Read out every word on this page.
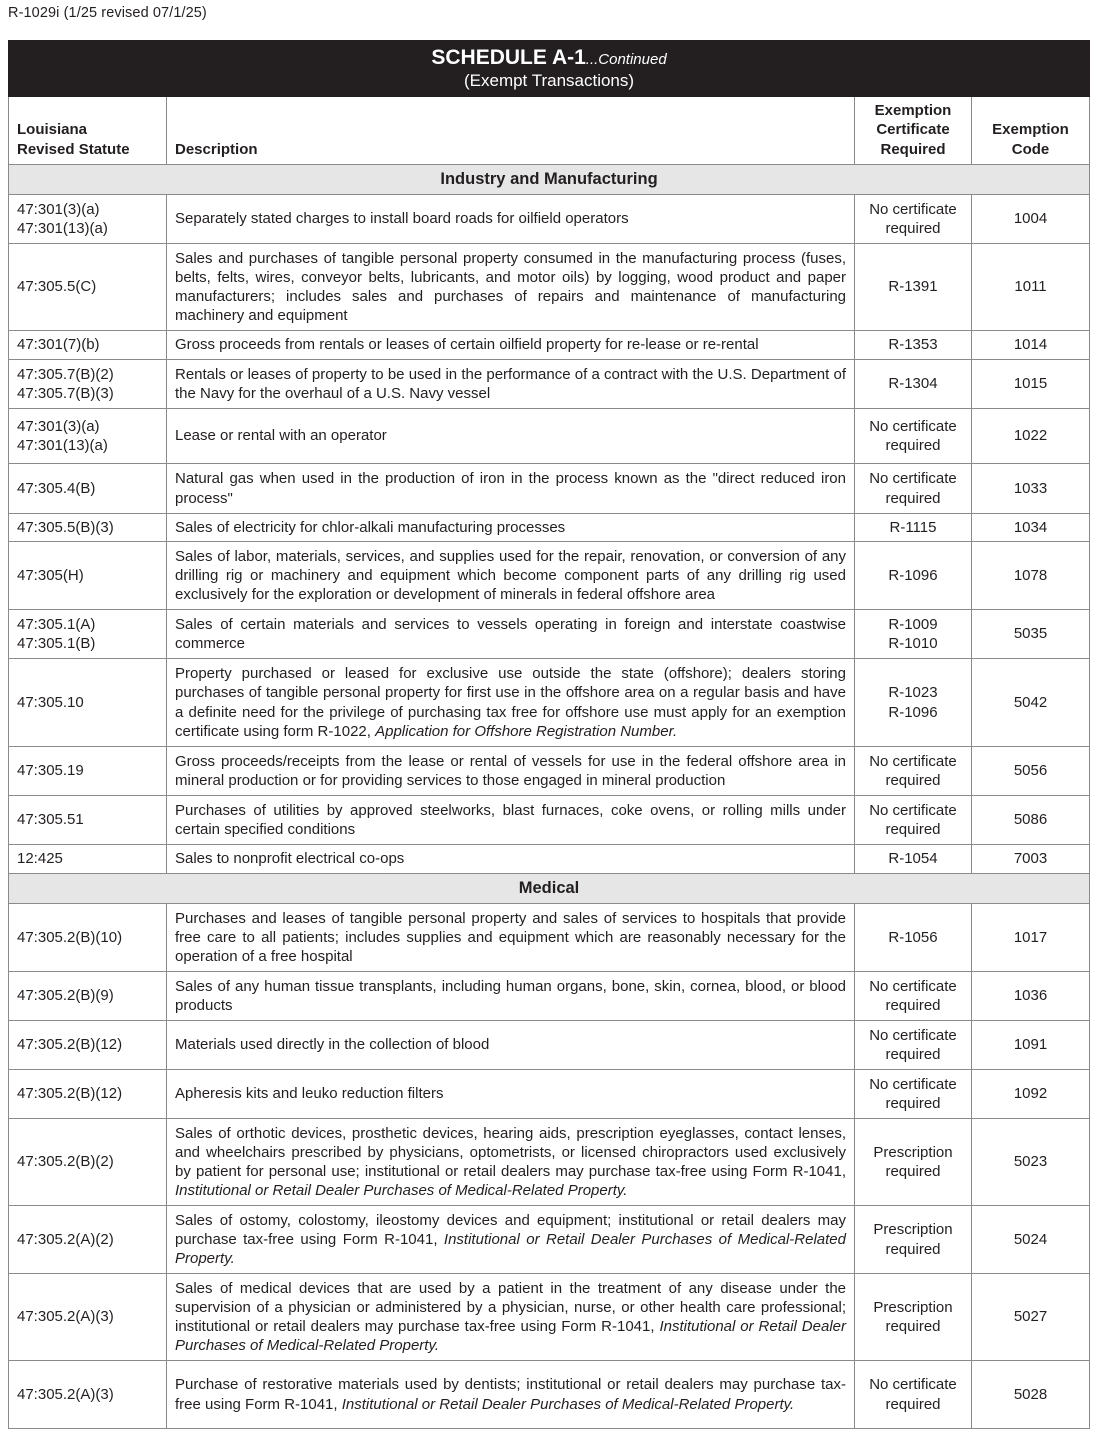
R-1029i (1/25 revised 07/1/25)
SCHEDULE A-1...Continued
(Exempt Transactions)			

Louisiana
Revised Statute	Description	Exemption
Certificate
Required	Exemption
Code

Industry and Manufacturing			

47:301(3)(a)
47:301(13)(a)	Separately stated charges to install board roads for oilfield operators	No certificate
required	1004

47:305.5(C)	Sales and purchases of tangible personal property consumed in the manufacturing process (fuses, belts, felts, wires, conveyor belts, lubricants, and motor oils) by logging, wood product and paper manufacturers; includes sales and purchases of repairs and maintenance of manufacturing machinery and equipment	R-1391	1011

47:301(7)(b)	Gross proceeds from rentals or leases of certain oilfield property for re-lease or re-rental	R-1353	1014

47:305.7(B)(2)
47:305.7(B)(3)	Rentals or leases of property to be used in the performance of a contract with the U.S. Department of the Navy for the overhaul of a U.S. Navy vessel	R-1304	1015

47:301(3)(a)
47:301(13)(a)	Lease or rental with an operator	No certificate
required	1022

47:305.4(B)	Natural gas when used in the production of iron in the process known as the "direct reduced iron process"	No certificate
required	1033

47:305.5(B)(3)	Sales of electricity for chlor-alkali manufacturing processes	R-1115	1034

47:305(H)	Sales of labor, materials, services, and supplies used for the repair, renovation, or conversion of any drilling rig or machinery and equipment which become component parts of any drilling rig used exclusively for the exploration or development of minerals in federal offshore area	R-1096	1078

47:305.1(A)
47:305.1(B)	Sales of certain materials and services to vessels operating in foreign and interstate coastwise commerce	R-1009
R-1010	5035

47:305.10	Property purchased or leased for exclusive use outside the state (offshore); dealers storing purchases of tangible personal property for first use in the offshore area on a regular basis and have a definite need for the privilege of purchasing tax free for offshore use must apply for an exemption certificate using form R-1022, Application for Offshore Registration Number.	R-1023
R-1096	5042

47:305.19	Gross proceeds/receipts from the lease or rental of vessels for use in the federal offshore area in mineral production or for providing services to those engaged in mineral production	No certificate
required	5056

47:305.51	Purchases of utilities by approved steelworks, blast furnaces, coke ovens, or rolling mills under certain specified conditions	No certificate
required	5086

12:425	Sales to nonprofit electrical co-ops	R-1054	7003
Medical			

47:305.2(B)(10)	Purchases and leases of tangible personal property and sales of services to hospitals that provide free care to all patients; includes supplies and equipment which are reasonably necessary for the operation of a free hospital	R-1056	1017

47:305.2(B)(9)	Sales of any human tissue transplants, including human organs, bone, skin, cornea, blood, or blood products	No certificate
required	1036

47:305.2(B)(12)	Materials used directly in the collection of blood	No certificate
required	1091

47:305.2(B)(12)	Apheresis kits and leuko reduction filters	No certificate
required	1092

47:305.2(B)(2)	Sales of orthotic devices, prosthetic devices, hearing aids, prescription eyeglasses, contact lenses, and wheelchairs prescribed by physicians, optometrists, or licensed chiropractors used exclusively by patient for personal use; institutional or retail dealers may purchase tax-free using Form R-1041, Institutional or Retail Dealer Purchases of Medical-Related Property.	Prescription
required	5023

47:305.2(A)(2)	Sales of ostomy, colostomy, ileostomy devices and equipment; institutional or retail dealers may purchase tax-free using Form R-1041, Institutional or Retail Dealer Purchases of Medical-Related Property.	Prescription
required	5024

47:305.2(A)(3)	Sales of medical devices that are used by a patient in the treatment of any disease under the supervision of a physician or administered by a physician, nurse, or other health care professional; institutional or retail dealers may purchase tax-free using Form R-1041, Institutional or Retail Dealer Purchases of Medical-Related Property.	Prescription
required	5027

47:305.2(A)(3)	Purchase of restorative materials used by dentists; institutional or retail dealers may purchase tax-free using Form R-1041, Institutional or Retail Dealer Purchases of Medical-Related Property.	No certificate
required	5028
